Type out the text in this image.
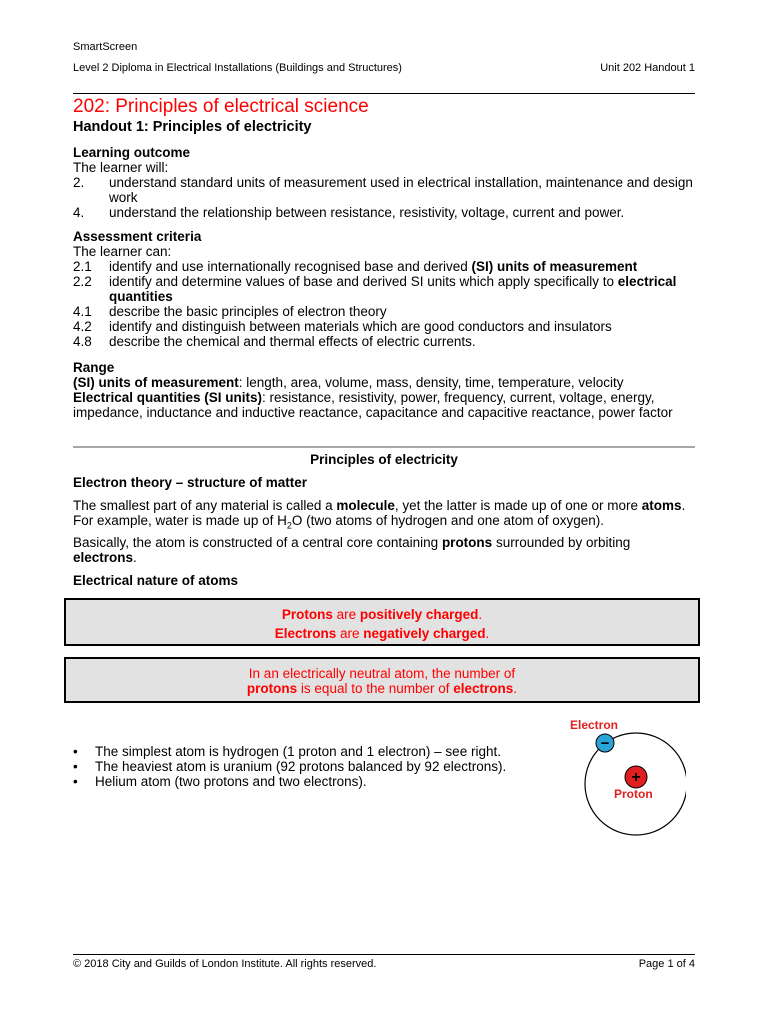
SmartScreen
Level 2 Diploma in Electrical Installations (Buildings and Structures)	Unit 202 Handout 1
202: Principles of electrical science
Handout 1: Principles of electricity
Learning outcome
The learner will:
2.	understand standard units of measurement used in electrical installation, maintenance and design work
4.	understand the relationship between resistance, resistivity, voltage, current and power.
Assessment criteria
The learner can:
2.1	identify and use internationally recognised base and derived (SI) units of measurement
2.2	identify and determine values of base and derived SI units which apply specifically to electrical quantities
4.1	describe the basic principles of electron theory
4.2	identify and distinguish between materials which are good conductors and insulators
4.8	describe the chemical and thermal effects of electric currents.
Range
(SI) units of measurement: length, area, volume, mass, density, time, temperature, velocity
Electrical quantities (SI units): resistance, resistivity, power, frequency, current, voltage, energy, impedance, inductance and inductive reactance, capacitance and capacitive reactance, power factor
Principles of electricity
Electron theory – structure of matter
The smallest part of any material is called a molecule, yet the latter is made up of one or more atoms. For example, water is made up of $H_2O$ (two atoms of hydrogen and one atom of oxygen).
Basically, the atom is constructed of a central core containing protons surrounded by orbiting electrons.
Electrical nature of atoms
Protons are positively charged.
Electrons are negatively charged.
In an electrically neutral atom, the number of
protons is equal to the number of electrons.
•	The simplest atom is hydrogen (1 proton and 1 electron) – see right.
•	The heaviest atom is uranium (92 protons balanced by 92 electrons).
•	Helium atom (two protons and two electrons).
© 2018 City and Guilds of London Institute. All rights reserved.	Page 1 of 4
+
−
Electron
Proton
